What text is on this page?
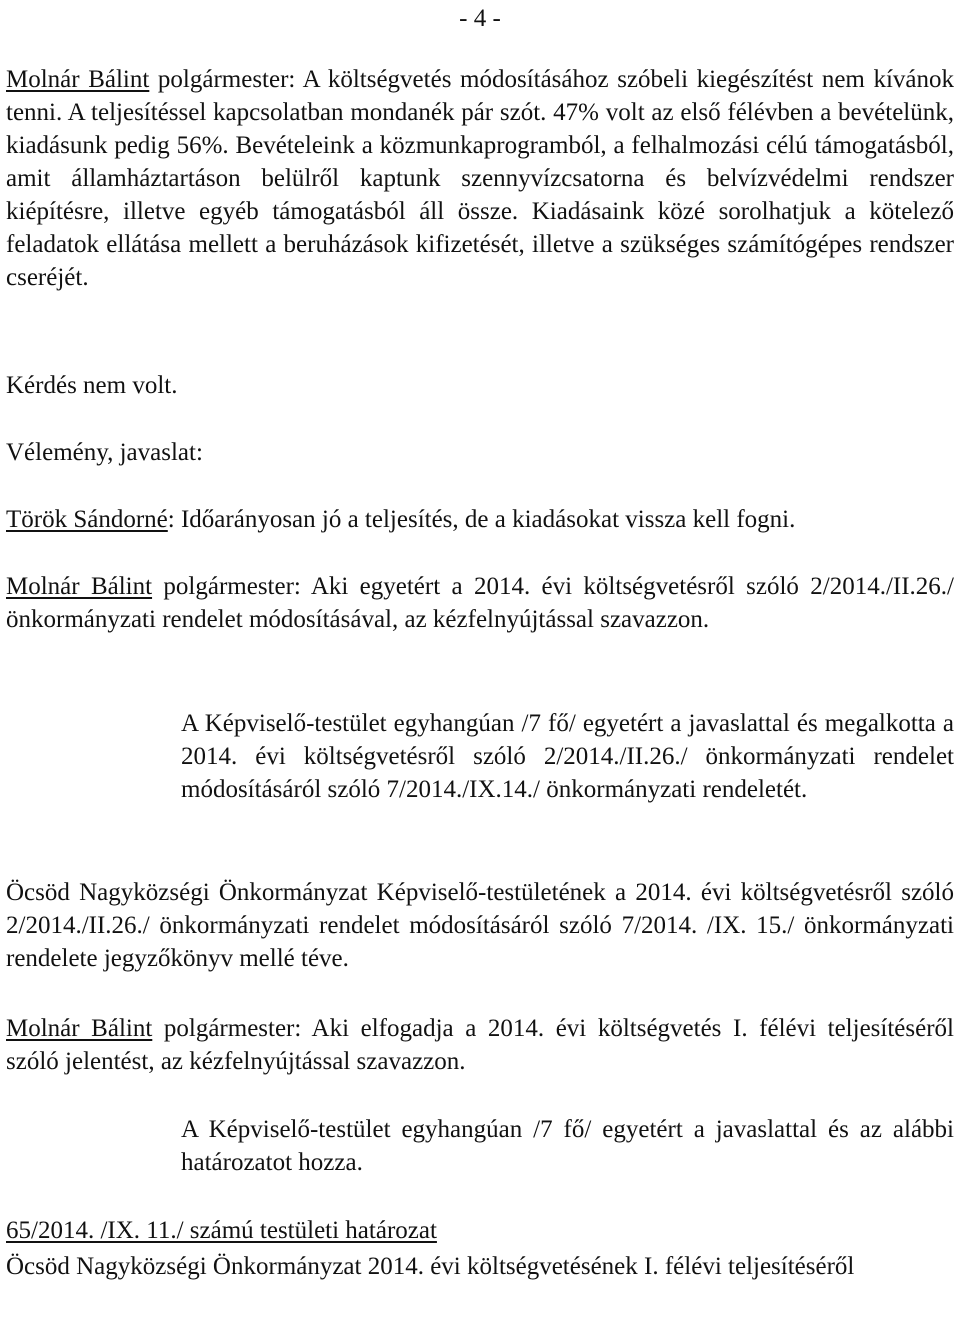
- 4 -

Molnár Bálint polgármester: A költségvetés módosításához szóbeli kiegészítést nem kívánok tenni. A teljesítéssel kapcsolatban mondanék pár szót. 47% volt az első félévben a bevételünk, kiadásunk pedig 56%. Bevételeink a közmunkaprogramból, a felhalmozási célú támogatásból, amit államháztartáson belülről kaptunk szennyvízcsatorna és belvízvédelmi rendszer kiépítésre, illetve egyéb támogatásból áll össze. Kiadásaink közé sorolhatjuk a kötelező feladatok ellátása mellett a beruházások kifizetését, illetve a szükséges számítógépes rendszer cseréjét.

Kérdés nem volt.

Vélemény, javaslat:

Török Sándorné: Időarányosan jó a teljesítés, de a kiadásokat vissza kell fogni.

Molnár Bálint polgármester: Aki egyetért a 2014. évi költségvetésről szóló 2/2014./II.26./ önkormányzati rendelet módosításával, az kézfelnyújtással szavazzon.

A Képviselő-testület egyhangúan /7 fő/ egyetért a javaslattal és megalkotta a 2014. évi költségvetésről szóló 2/2014./II.26./ önkormányzati rendelet módosításáról szóló 7/2014./IX.14./ önkormányzati rendeletét.

Öcsöd Nagyközségi Önkormányzat Képviselő-testületének a 2014. évi költségvetésről szóló 2/2014./II.26./ önkormányzati rendelet módosításáról szóló 7/2014. /IX. 15./ önkormányzati rendelete jegyzőkönyv mellé téve.

Molnár Bálint polgármester: Aki elfogadja a 2014. évi költségvetés I. félévi teljesítéséről szóló jelentést, az kézfelnyújtással szavazzon.

A Képviselő-testület egyhangúan /7 fő/ egyetért a javaslattal és az alábbi határozatot hozza.

65/2014. /IX. 11./ számú testületi határozat

Öcsöd Nagyközségi Önkormányzat 2014. évi költségvetésének I. félévi teljesítéséről
